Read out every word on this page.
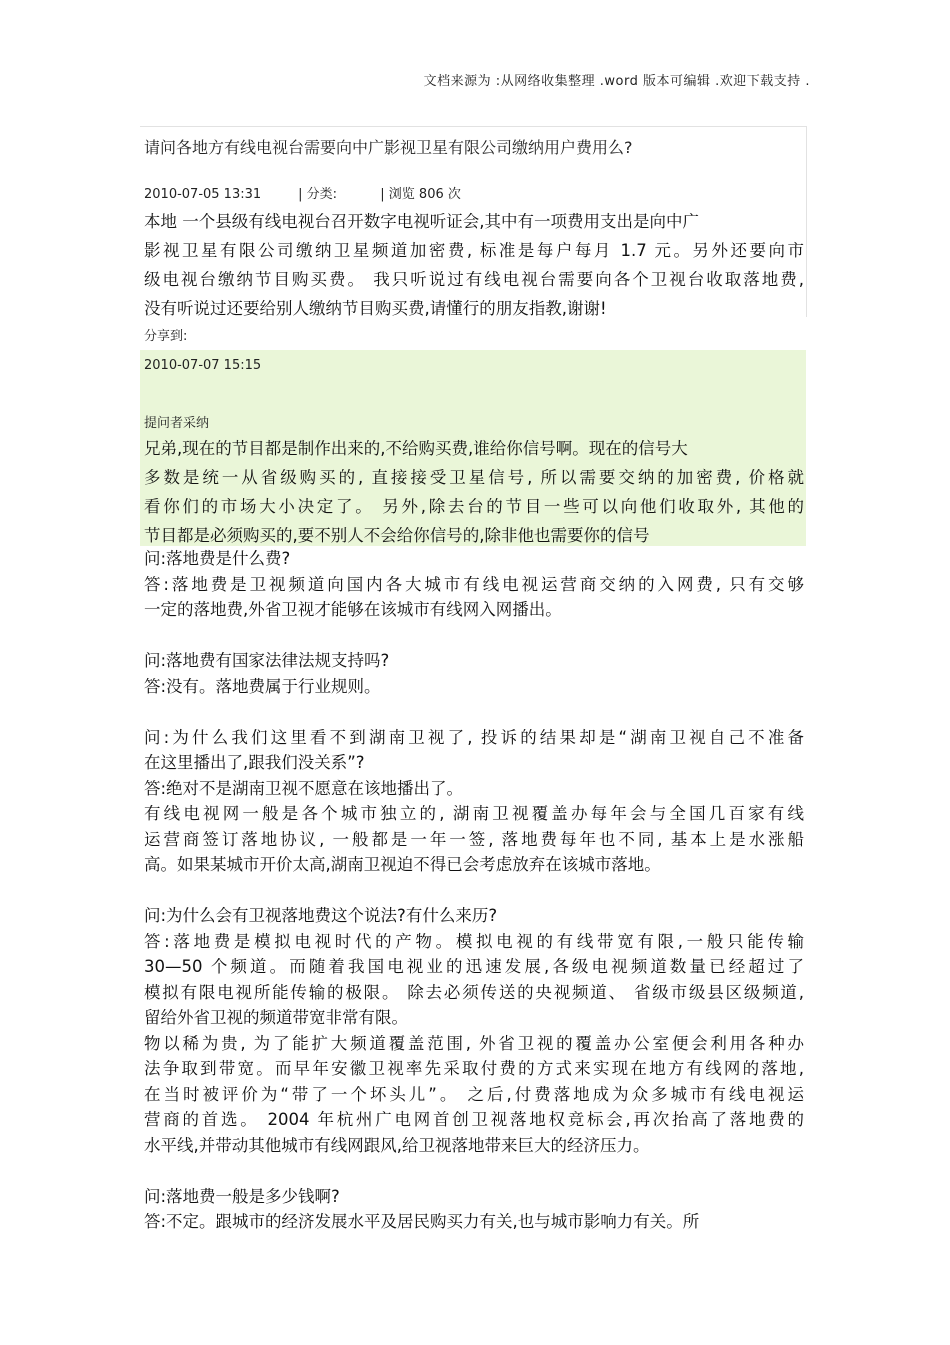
文档来源为 :从网络收集整理 .word 版本可编辑 .欢迎下载支持 .
请问各地方有线电视台需要向中广影视卫星有限公司缴纳用户费用么?
2010-07-05 13:31	| 分类:	| 浏览 806 次
本地 一个县级有线电视台召开数字电视听证会,其中有一项费用支出是向中广
影视卫星有限公司缴纳卫星频道加密费, 标准是每户每月 1.7 元。另外还要向市
级电视台缴纳节目购买费。 我只听说过有线电视台需要向各个卫视台收取落地费,
没有听说过还要给别人缴纳节目购买费,请懂行的朋友指教,谢谢!
分享到:
2010-07-07 15:15
提问者采纳
兄弟,现在的节目都是制作出来的,不给购买费,谁给你信号啊。现在的信号大
多数是统一从省级购买的, 直接接受卫星信号, 所以需要交纳的加密费, 价格就
看你们的市场大小决定了。 另外,除去台的节目一些可以向他们收取外, 其他的
节目都是必须购买的,要不别人不会给你信号的,除非他也需要你的信号
问:落地费是什么费?
答:落地费是卫视频道向国内各大城市有线电视运营商交纳的入网费, 只有交够
一定的落地费,外省卫视才能够在该城市有线网入网播出。
问:落地费有国家法律法规支持吗?
答:没有。落地费属于行业规则。
问:为什么我们这里看不到湖南卫视了, 投诉的结果却是“湖南卫视自己不准备
在这里播出了,跟我们没关系”?
答:绝对不是湖南卫视不愿意在该地播出了。
有线电视网一般是各个城市独立的, 湖南卫视覆盖办每年会与全国几百家有线
运营商签订落地协议, 一般都是一年一签, 落地费每年也不同, 基本上是水涨船
高。如果某城市开价太高,湖南卫视迫不得已会考虑放弃在该城市落地。
问:为什么会有卫视落地费这个说法?有什么来历?
答:落地费是模拟电视时代的产物。模拟电视的有线带宽有限,一般只能传输
30—50 个频道。而随着我国电视业的迅速发展,各级电视频道数量已经超过了
模拟有限电视所能传输的极限。 除去必须传送的央视频道、 省级市级县区级频道,
留给外省卫视的频道带宽非常有限。
物以稀为贵, 为了能扩大频道覆盖范围, 外省卫视的覆盖办公室便会利用各种办
法争取到带宽。而早年安徽卫视率先采取付费的方式来实现在地方有线网的落地,
在当时被评价为“带了一个坏头儿”。 之后,付费落地成为众多城市有线电视运
营商的首选。 2004 年杭州广电网首创卫视落地权竞标会,再次抬高了落地费的
水平线,并带动其他城市有线网跟风,给卫视落地带来巨大的经济压力。
问:落地费一般是多少钱啊?
答:不定。跟城市的经济发展水平及居民购买力有关,也与城市影响力有关。所
